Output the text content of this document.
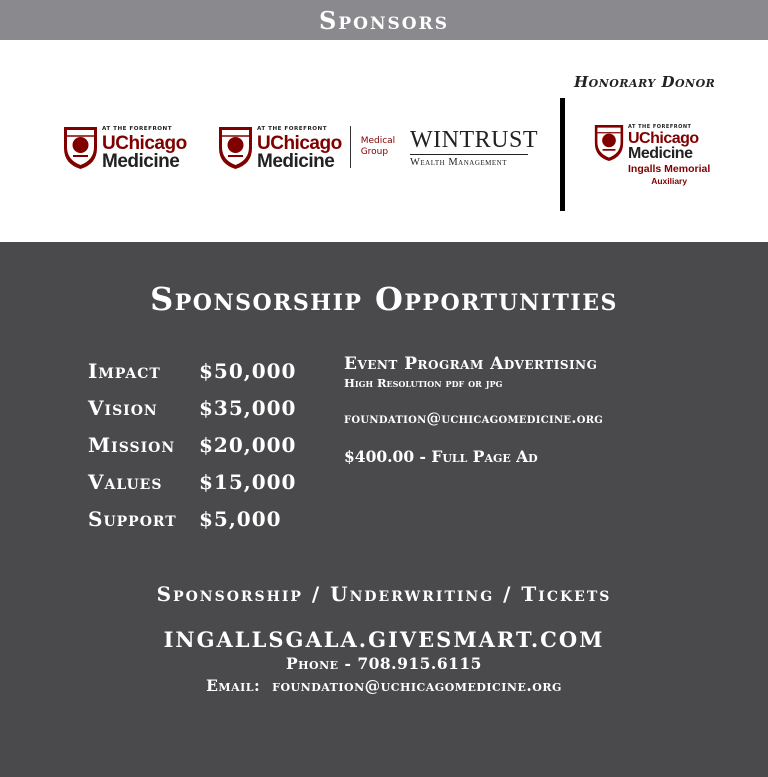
Sponsors
AT THE FOREFRONT
UChicago
Medicine
AT THE FOREFRONT
UChicago
Medicine
Medical
Group WINTRUST
Wealth Management
Honorary Donor
AT THE FOREFRONT
UChicago
Medicine
Ingalls Memorial
Auxiliary
Sponsorship Opportunities
Impact	$50,000
Vision	$35,000
Mission	$20,000
Values	$15,000
Support	$5,000
Event Program Advertising
High Resolution pdf or jpg
foundation@uchicagomedicine.org
$400.00 - Full Page Ad
Sponsorship / Underwriting / Tickets
INGALLSGALA.GIVESMART.COM
Phone - 708.915.6115
Email: foundation@uchicagomedicine.org
